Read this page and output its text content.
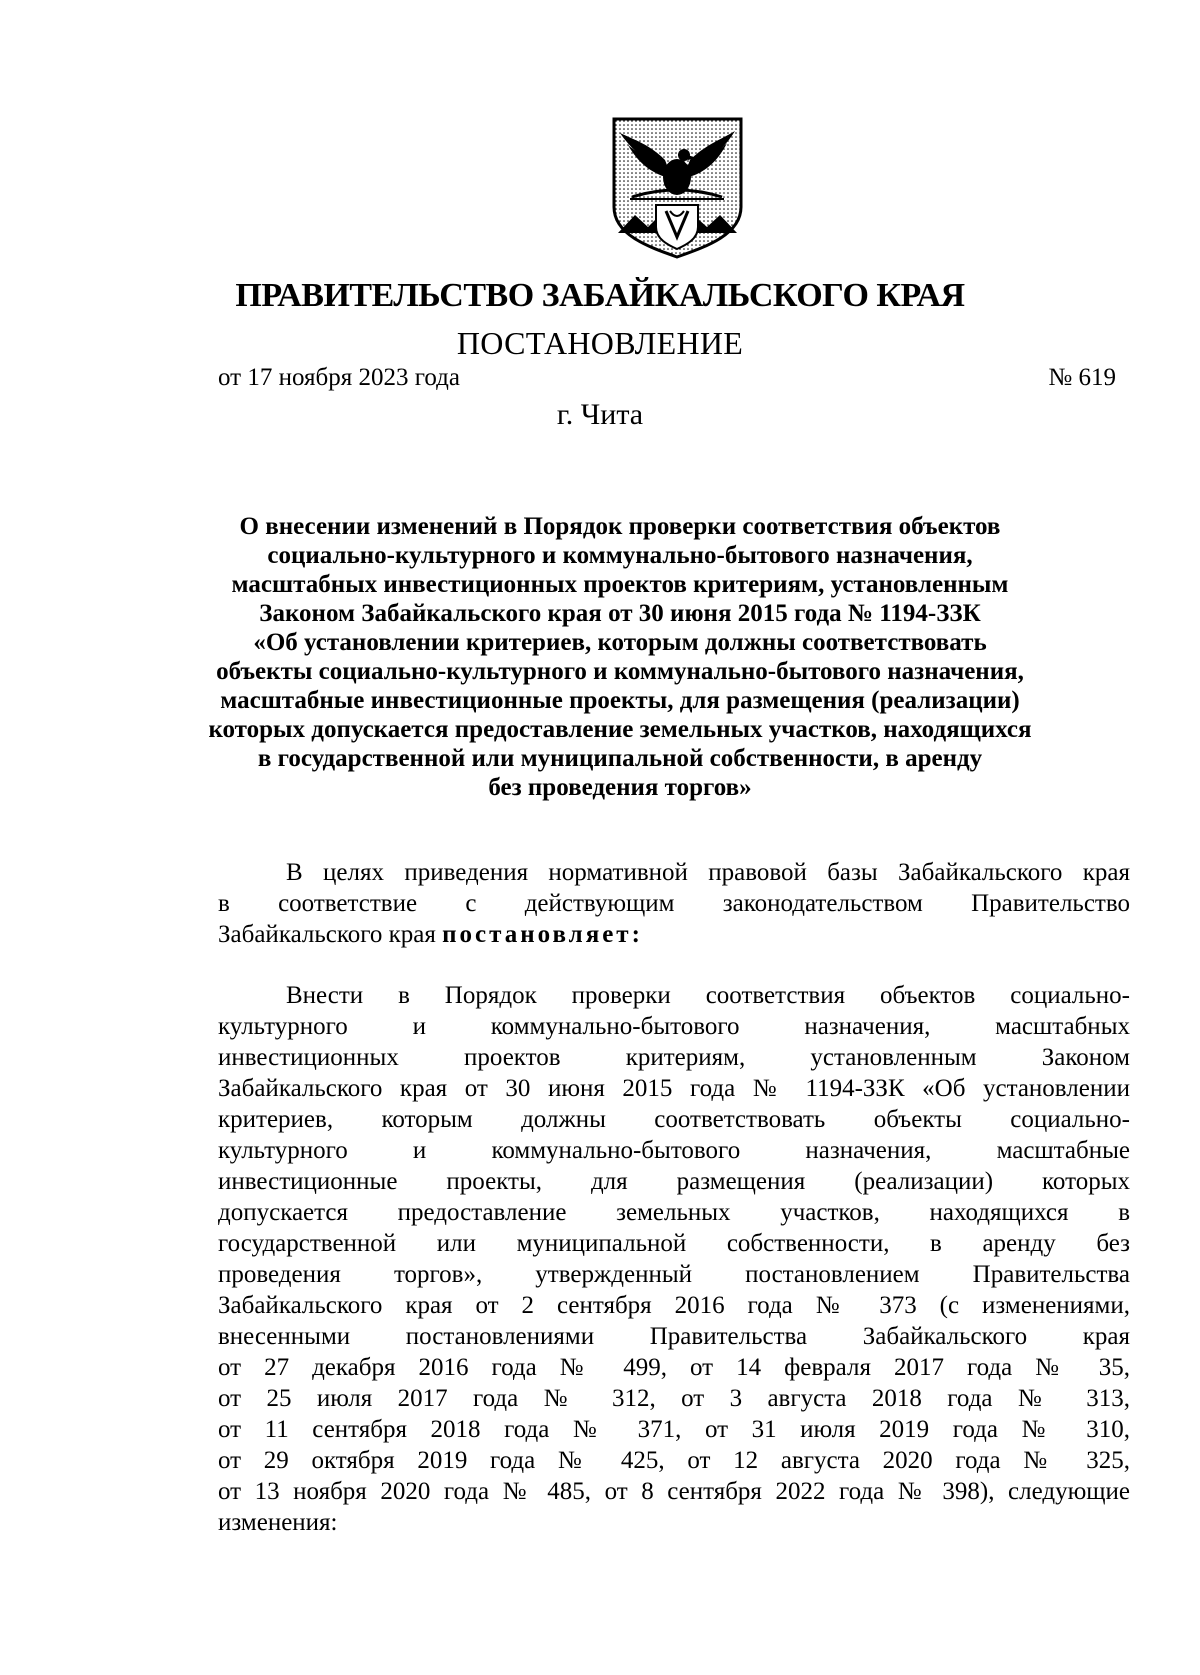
ПРАВИТЕЛЬСТВО ЗАБАЙКАЛЬСКОГО КРАЯ
ПОСТАНОВЛЕНИЕ
от 17 ноября 2023 года	№ 619
г. Чита

О внесении изменений в Порядок проверки соответствия объектов

социально-культурного и коммунально-бытового назначения,

масштабных инвестиционных проектов критериям, установленным

Законом Забайкальского края от 30 июня 2015 года № 1194-ЗЗК

«Об установлении критериев, которым должны соответствовать

объекты социально-культурного и коммунально-бытового назначения,

масштабные инвестиционные проекты, для размещения (реализации)

которых допускается предоставление земельных участков, находящихся

в государственной или муниципальной собственности, в аренду

без проведения торгов»

В целях приведения нормативной правовой базы Забайкальского края
в соответствие с действующим законодательством Правительство
Забайкальского края постановляет:
Внести в Порядок проверки соответствия объектов социально-
культурного и коммунально-бытового назначения, масштабных
инвестиционных проектов критериям, установленным Законом
Забайкальского края от 30 июня 2015 года № 1194-ЗЗК «Об установлении
критериев, которым должны соответствовать объекты социально-
культурного и коммунально-бытового назначения, масштабные
инвестиционные проекты, для размещения (реализации) которых
допускается предоставление земельных участков, находящихся в
государственной или муниципальной собственности, в аренду без
проведения торгов», утвержденный постановлением Правительства
Забайкальского края от 2 сентября 2016 года № 373 (с изменениями,
внесенными постановлениями Правительства Забайкальского края
от 27 декабря 2016 года № 499, от 14 февраля 2017 года № 35,
от 25 июля 2017 года № 312, от 3 августа 2018 года № 313,
от 11 сентября 2018 года № 371, от 31 июля 2019 года № 310,
от 29 октября 2019 года № 425, от 12 августа 2020 года № 325,
от 13 ноября 2020 года № 485, от 8 сентября 2022 года № 398), следующие
изменения:
